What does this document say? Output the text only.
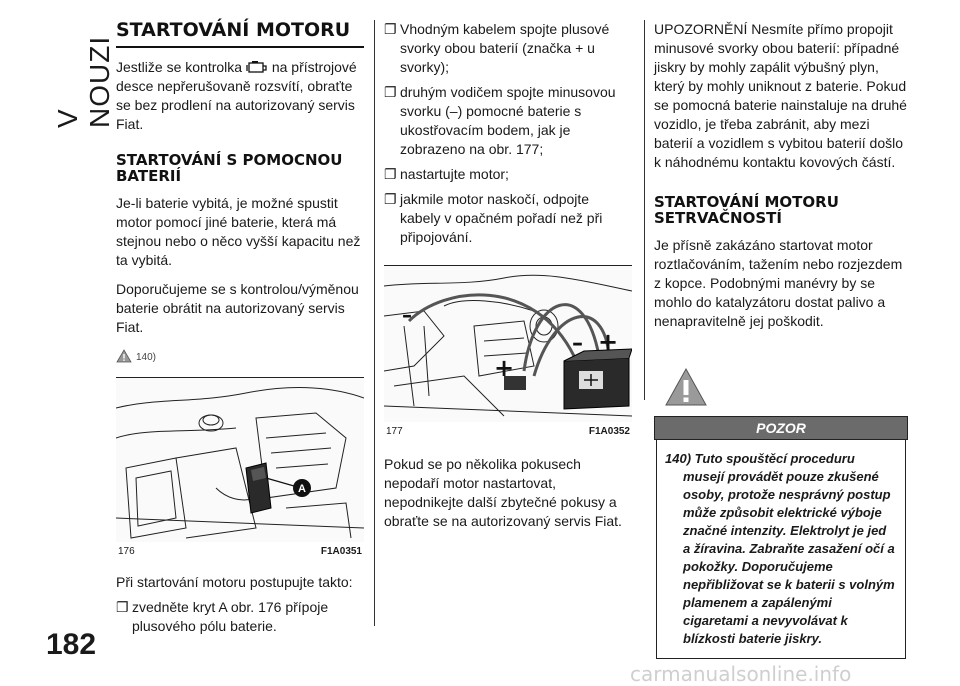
V NOUZI
182
carmanualsonline.info
STARTOVÁNÍ MOTORU

Jestliže se kontrolka na přístrojové desce nepřerušovaně rozsvítí, obraťte se bez prodlení na autorizovaný servis Fiat.

STARTOVÁNÍ S POMOCNOU BATERIÍ

Je-li baterie vybitá, je možné spustit motor pomocí jiné baterie, která má stejnou nebo o něco vyšší kapacitu než ta vybitá.

Doporučujeme se s kontrolou/výměnou baterie obrátit na autorizovaný servis Fiat.

140)
A
176	F1A0351

Při startování motoru postupujte takto:

❐ zvedněte kryt A obr. 176 přípoje plusového pólu baterie.
❐ Vhodným kabelem spojte plusové svorky obou baterií (značka + u svorky);
❐ druhým vodičem spojte minusovou svorku (–) pomocné baterie s ukostřovacím bodem, jak je zobrazeno na obr. 177;
❐ nastartujte motor;
❐ jakmile motor naskočí, odpojte kabely v opačném pořadí než při připojování.
–
+
– +
177	F1A0352

Pokud se po několika pokusech nepodaří motor nastartovat, nepodnikejte další zbytečné pokusy a obraťte se na autorizovaný servis Fiat.

UPOZORNĚNÍ Nesmíte přímo propojit minusové svorky obou baterií: případné jiskry by mohly zapálit výbušný plyn, který by mohly uniknout z baterie. Pokud se pomocná baterie nainstaluje na druhé vozidlo, je třeba zabránit, aby mezi baterií a vozidlem s vybitou baterií došlo k náhodnému kontaktu kovových částí.

STARTOVÁNÍ MOTORU SETRVAČNOSTÍ

Je přísně zakázáno startovat motor roztlačováním, tažením nebo rozjezdem z kopce. Podobnými manévry by se mohlo do katalyzátoru dostat palivo a nenapravitelně jej poškodit.

POZOR
140) Tuto spouštěcí proceduru musejí provádět pouze zkušené osoby, protože nesprávný postup může způsobit elektrické výboje značné intenzity. Elektrolyt je jed a žíravina. Zabraňte zasažení očí a pokožky. Doporučujeme nepřibližovat se k baterii s volným plamenem a zapálenými cigaretami a nevyvolávat k blízkosti baterie jiskry.
